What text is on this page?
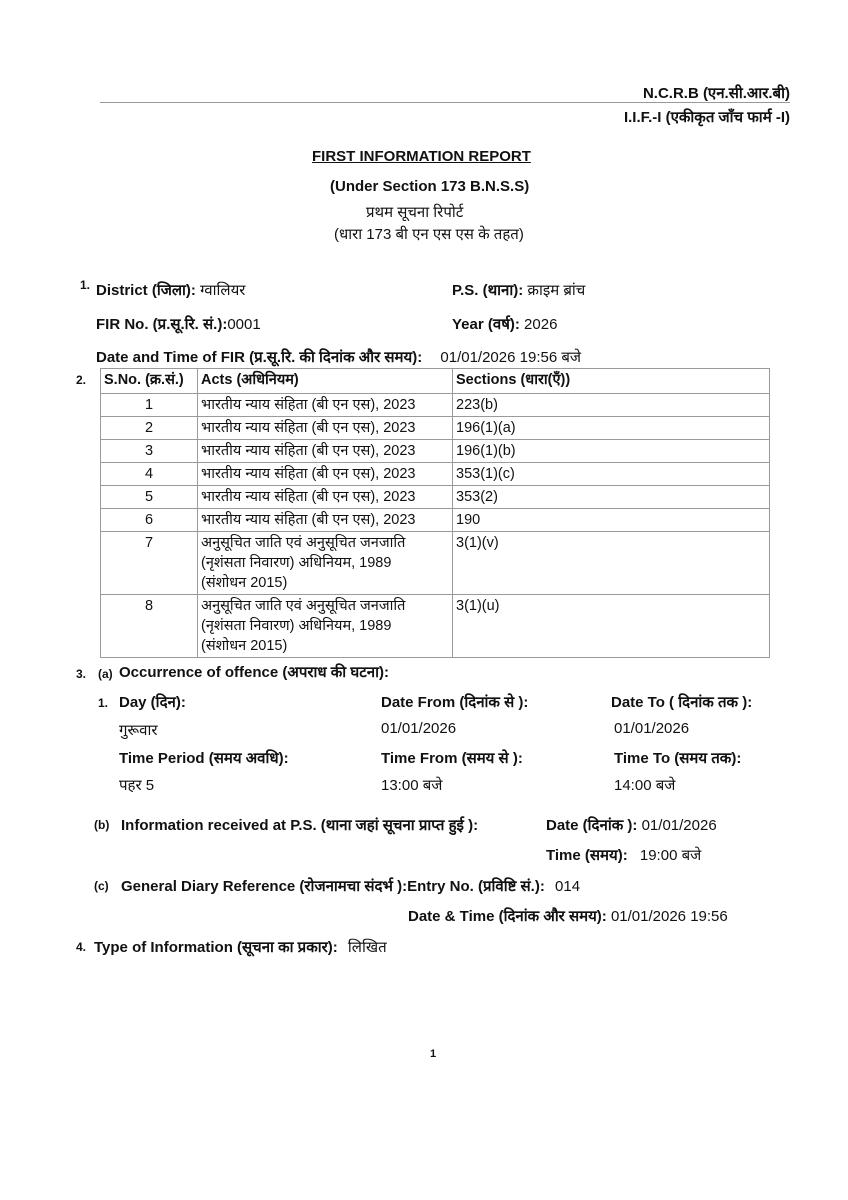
N.C.R.B (एन.सी.आर.बी)
I.I.F.-I (एकीकृत जाँच फार्म -I)
FIRST INFORMATION REPORT
(Under Section 173 B.N.S.S)
प्रथम सूचना रिपोर्ट
(धारा 173 बी एन एस एस के तहत)
1. District (जिला): ग्वालियर	P.S. (थाना): क्राइम ब्रांच
FIR No. (प्र.सू.रि. सं.):0001	Year (वर्ष): 2026
Date and Time of FIR (प्र.सू.रि. की दिनांक और समय): 01/01/2026 19:56 बजे
2. S.No. (क्र.सं.)	Acts (अधिनियम)	Sections (धारा(एँ))
1	भारतीय न्याय संहिता (बी एन एस), 2023	223(b)
2	भारतीय न्याय संहिता (बी एन एस), 2023	196(1)(a)
3	भारतीय न्याय संहिता (बी एन एस), 2023	196(1)(b)
4	भारतीय न्याय संहिता (बी एन एस), 2023	353(1)(c)
5	भारतीय न्याय संहिता (बी एन एस), 2023	353(2)
6	भारतीय न्याय संहिता (बी एन एस), 2023	190
7	अनुसूचित जाति एवं अनुसूचित जनजाति
(नृशंसता निवारण) अधिनियम, 1989
(संशोधन 2015)	3(1)(v)
8	अनुसूचित जाति एवं अनुसूचित जनजाति
(नृशंसता निवारण) अधिनियम, 1989
(संशोधन 2015)	3(1)(u)
3. (a) Occurrence of offence (अपराध की घटना):
1. Day (दिन):	Date From (दिनांक से ):	Date To ( दिनांक तक ):
गुरूवार	01/01/2026	01/01/2026
Time Period (समय अवधि):	Time From (समय से ):	Time To (समय तक):
पहर 5	13:00 बजे	14:00 बजे
(b) Information received at P.S. (थाना जहां सूचना प्राप्त हुई ):	Date (दिनांक ): 01/01/2026
Time (समय): 19:00 बजे
(c) General Diary Reference (रोजनामचा संदर्भ ):Entry No. (प्रविष्टि सं.): 014
Date & Time (दिनांक और समय): 01/01/2026 19:56
4. Type of Information (सूचना का प्रकार): लिखित
1
